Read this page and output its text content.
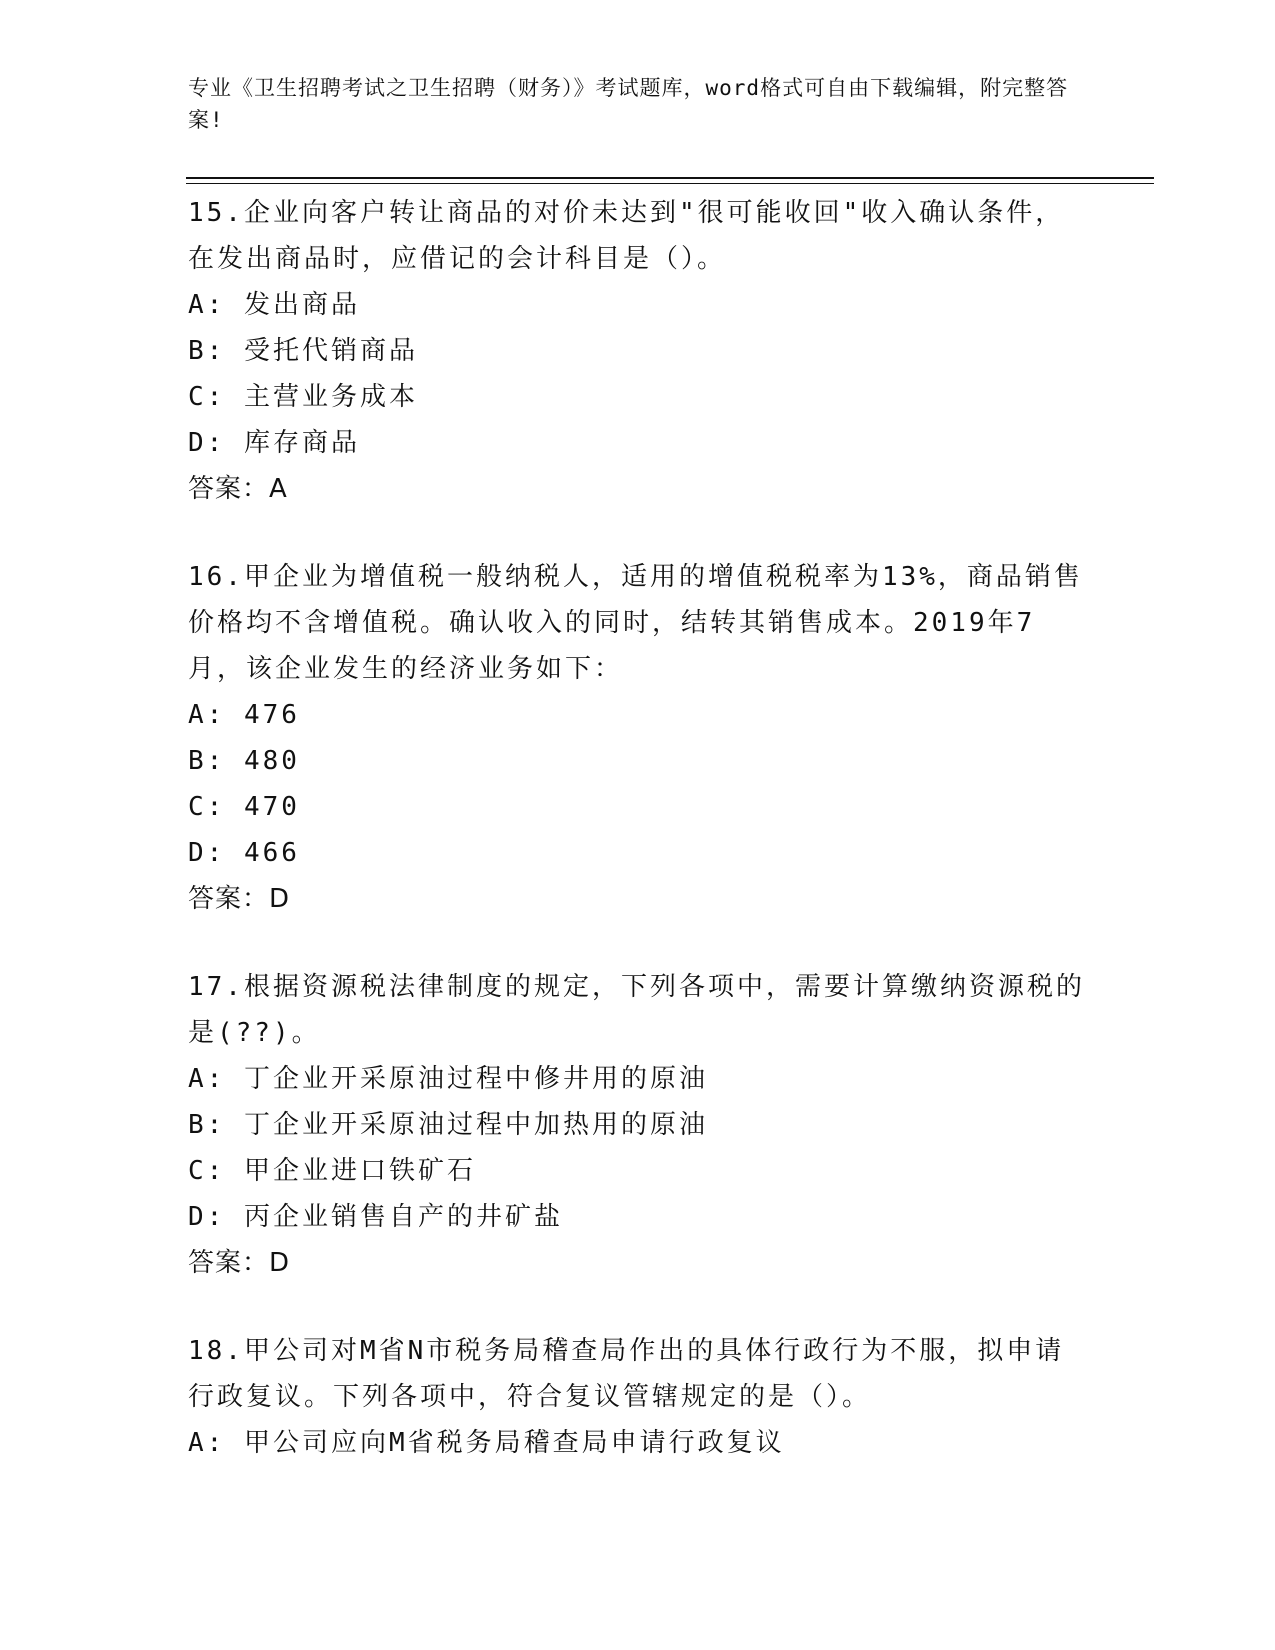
专业《卫生招聘考试之卫生招聘（财务）》考试题库，word格式可自由下载编辑，附完整答案!
15.企业向客户转让商品的对价未达到"很可能收回"收入确认条件，在发出商品时，应借记的会计科目是（）。
A: 发出商品
B: 受托代销商品
C: 主营业务成本
D: 库存商品
答案：A
16.甲企业为增值税一般纳税人，适用的增值税税率为13%，商品销售价格均不含增值税。确认收入的同时，结转其销售成本。2019年7月，该企业发生的经济业务如下：
A: 476
B: 480
C: 470
D: 466
答案：D
17.根据资源税法律制度的规定，下列各项中，需要计算缴纳资源税的是(??)。
A: 丁企业开采原油过程中修井用的原油
B: 丁企业开采原油过程中加热用的原油
C: 甲企业进口铁矿石
D: 丙企业销售自产的井矿盐
答案：D
18.甲公司对M省N市税务局稽查局作出的具体行政行为不服，拟申请行政复议。下列各项中，符合复议管辖规定的是（）。
A: 甲公司应向M省税务局稽查局申请行政复议
